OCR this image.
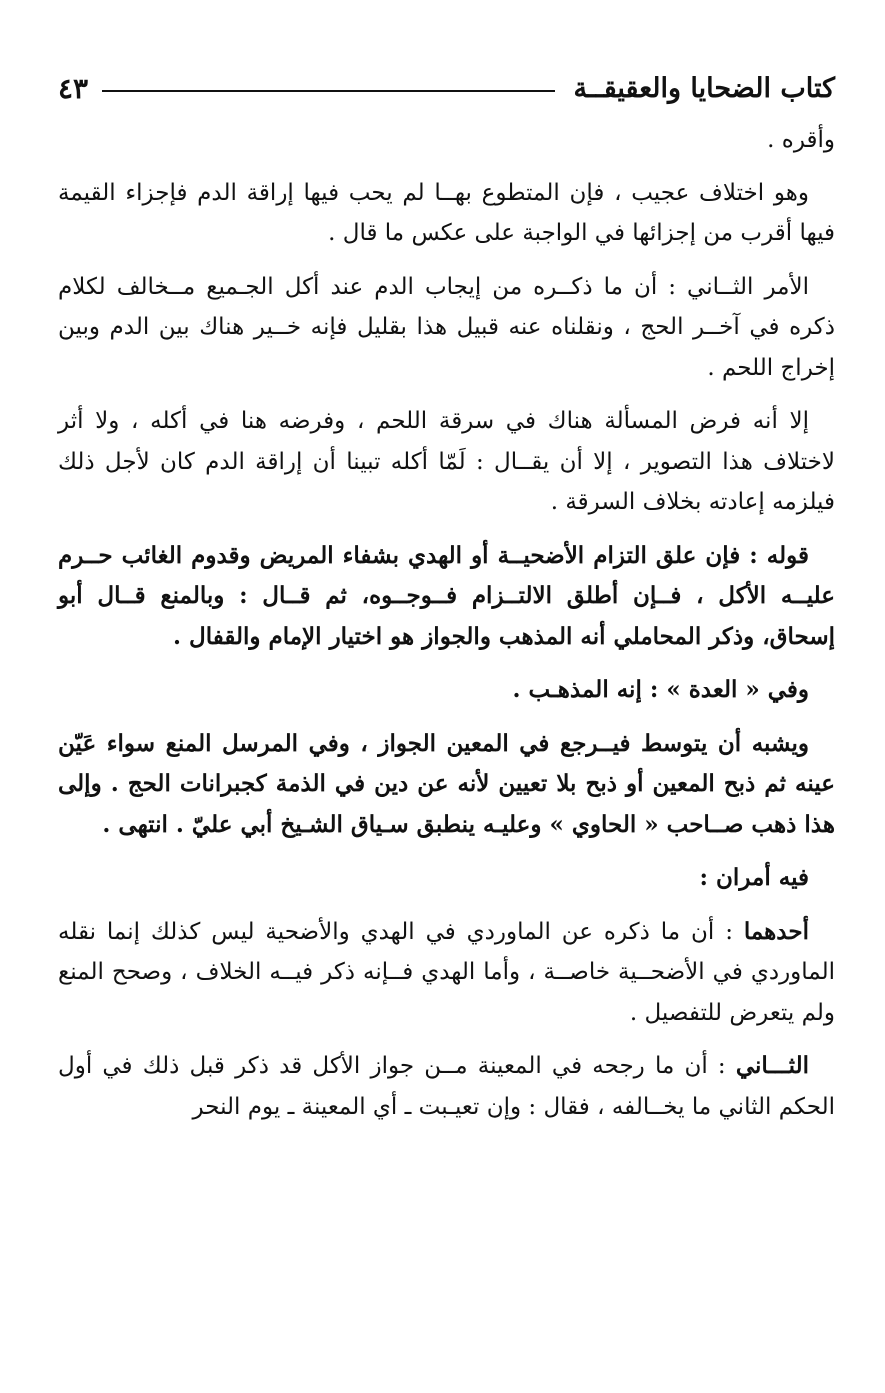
كتاب الضحايا والعقيقــة
٤٣

وأقره .

وهو اختلاف عجيب ، فإن المتطوع بهــا لم يحب فيها إراقة الدم فإجزاء القيمة فيها أقرب من إجزائها في الواجبة على عكس ما قال .

الأمر الثــاني : أن ما ذكــره من إيجاب الدم عند أكل الجـميع مــخالف لكلام ذكره في آخــر الحج ، ونقلناه عنه قبيل هذا بقليل فإنه خــير هناك بين الدم وبين إخراج اللحم .

إلا أنه فرض المسألة هناك في سرقة اللحم ، وفرضه هنا في أكله ، ولا أثر لاختلاف هذا التصوير ، إلا أن يقــال : لَمّا أكله تبينا أن إراقة الدم كان لأجل ذلك فيلزمه إعادته بخلاف السرقة .

قوله : فإن علق التزام الأضحيــة أو الهدي بشفاء المريض وقدوم الغائب حــرم عليــه الأكل ، فــإن أطلق الالتــزام فــوجــوه، ثم قــال : وبالمنع قــال أبو إسحاق، وذكر المحاملي أنه المذهب والجواز هو اختيار الإمام والقفال .

وفي « العدة » : إنه المذهـب .

ويشبه أن يتوسط فيــرجع في المعين الجواز ، وفي المرسل المنع سواء عَيّن عينه ثم ذبح المعين أو ذبح بلا تعيين لأنه عن دين في الذمة كجبرانات الحج . وإلى هذا ذهب صــاحب « الحاوي » وعليـه ينطبق سـياق الشـيخ أبي عليّ . انتهى .

فيه أمران :

أحدهما : أن ما ذكره عن الماوردي في الهدي والأضحية ليس كذلك إنما نقله الماوردي في الأضحــية خاصــة ، وأما الهدي فــإنه ذكر فيــه الخلاف ، وصحح المنع ولم يتعرض للتفصيل .

الثـــاني : أن ما رجحه في المعينة مــن جواز الأكل قد ذكر قبل ذلك في أول الحكم الثاني ما يخــالفه ، فقال : وإن تعيـبت ـ أي المعينة ـ يوم النحر
